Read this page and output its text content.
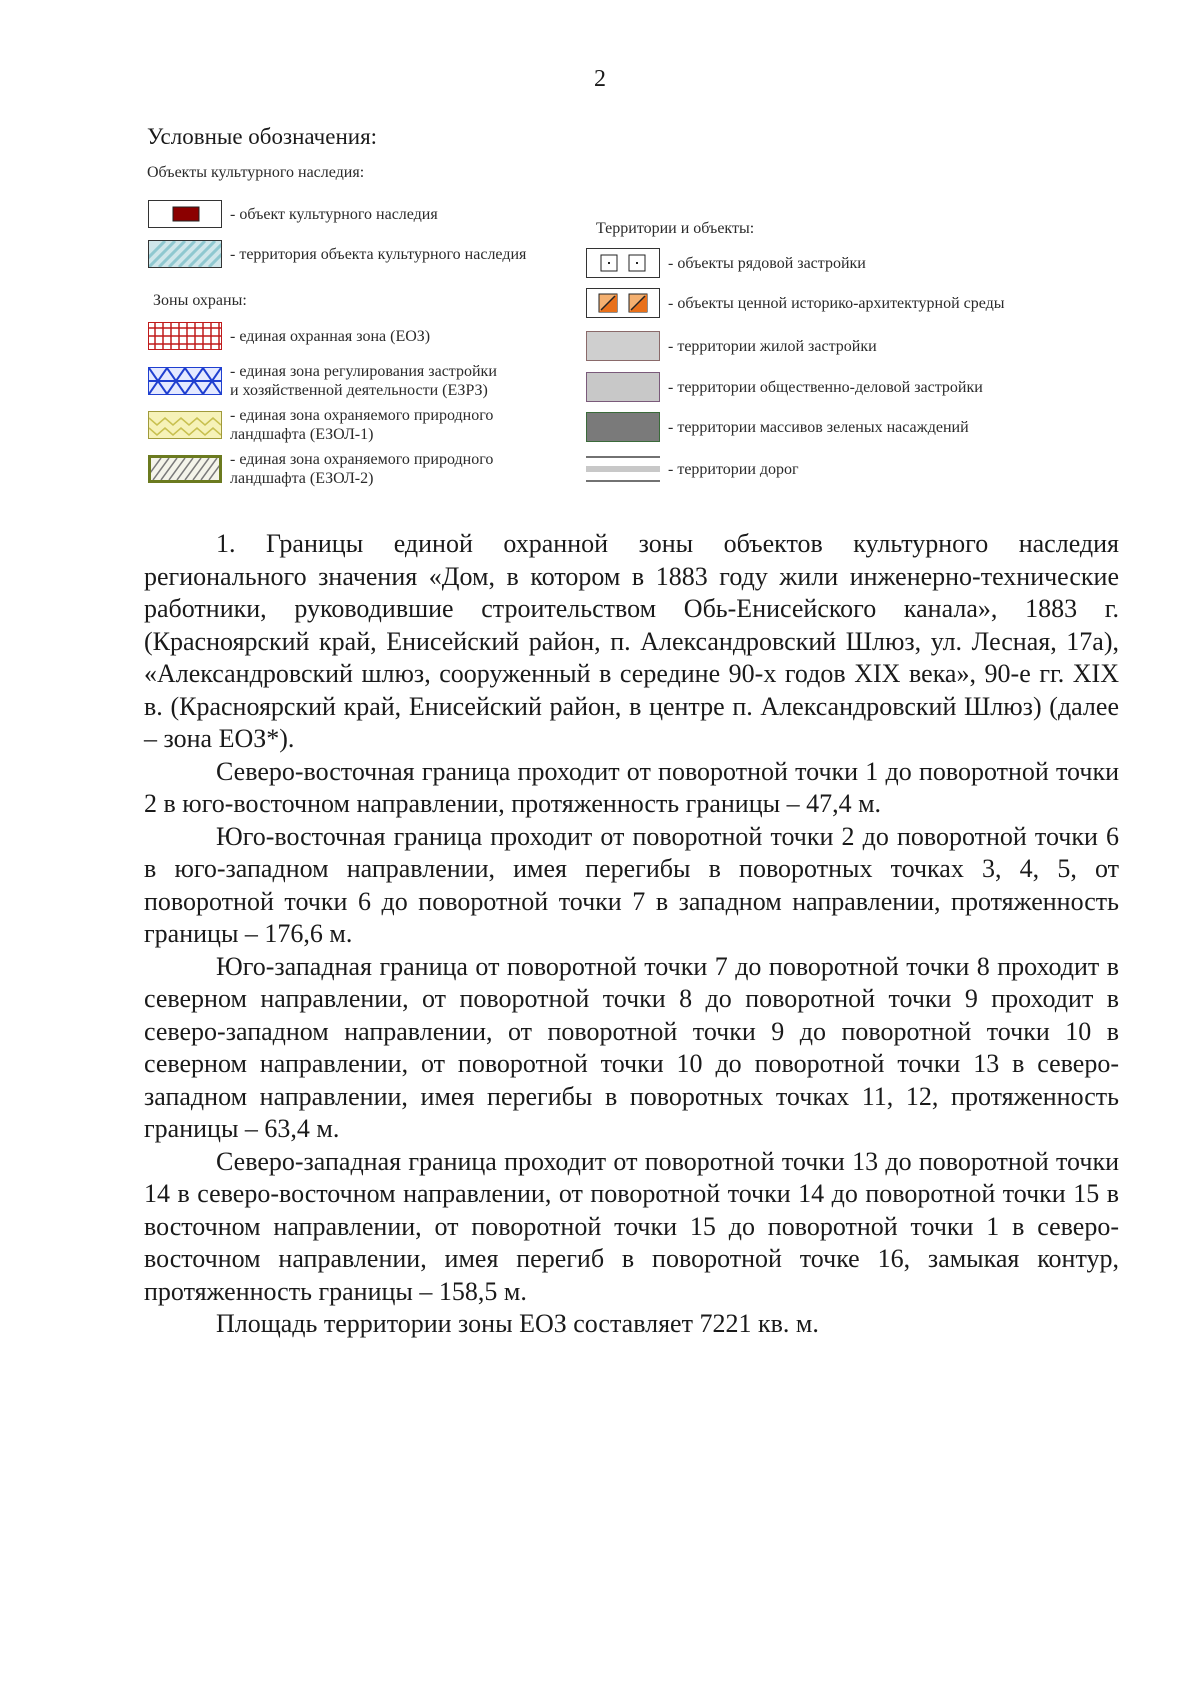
2
Условные обозначения:
Объекты культурного наследия:
- объект культурного наследия
- территория объекта культурного наследия
Зоны охраны:
- единая охранная зона (ЕОЗ)
- единая зона регулирования застройки
и хозяйственной деятельности (ЕЗРЗ)
- единая зона охраняемого природного
ландшафта (ЕЗОЛ-1)
- единая зона охраняемого природного
ландшафта (ЕЗОЛ-2)
Территории и объекты:
- объекты рядовой застройки
- объекты ценной историко-архитектурной среды
- территории жилой застройки
- территории общественно-деловой застройки
- территории массивов зеленых насаждений
- территории дорог

1. Границы единой охранной зоны объектов культурного наследия регионального значения «Дом, в котором в 1883 году жили инженерно-технические работники, руководившие строительством Обь-Енисейского канала», 1883 г. (Красноярский край, Енисейский район, п. Александровский Шлюз, ул. Лесная, 17а), «Александровский шлюз, сооруженный в середине 90-х годов XIX века», 90-е гг. XIX в. (Красноярский край, Енисейский район, в центре п. Александровский Шлюз) (далее – зона ЕОЗ*).

Северо-восточная граница проходит от поворотной точки 1 до поворотной точки 2 в юго-восточном направлении, протяженность границы – 47,4 м.

Юго-восточная граница проходит от поворотной точки 2 до поворотной точки 6 в юго-западном направлении, имея перегибы в поворотных точках 3, 4, 5, от поворотной точки 6 до поворотной точки 7 в западном направлении, протяженность границы – 176,6 м.

Юго-западная граница от поворотной точки 7 до поворотной точки 8 проходит в северном направлении, от поворотной точки 8 до поворотной точки 9 проходит в северо-западном направлении, от поворотной точки 9 до поворотной точки 10 в северном направлении, от поворотной точки 10 до поворотной точки 13 в северо-западном направлении, имея перегибы в поворотных точках 11, 12, протяженность границы – 63,4 м.

Северо-западная граница проходит от поворотной точки 13 до поворотной точки 14 в северо-восточном направлении, от поворотной точки 14 до поворотной точки 15 в восточном направлении, от поворотной точки 15 до поворотной точки 1 в северо-восточном направлении, имея перегиб в поворотной точке 16, замыкая контур, протяженность границы – 158,5 м.

Площадь территории зоны ЕОЗ составляет 7221 кв. м.
